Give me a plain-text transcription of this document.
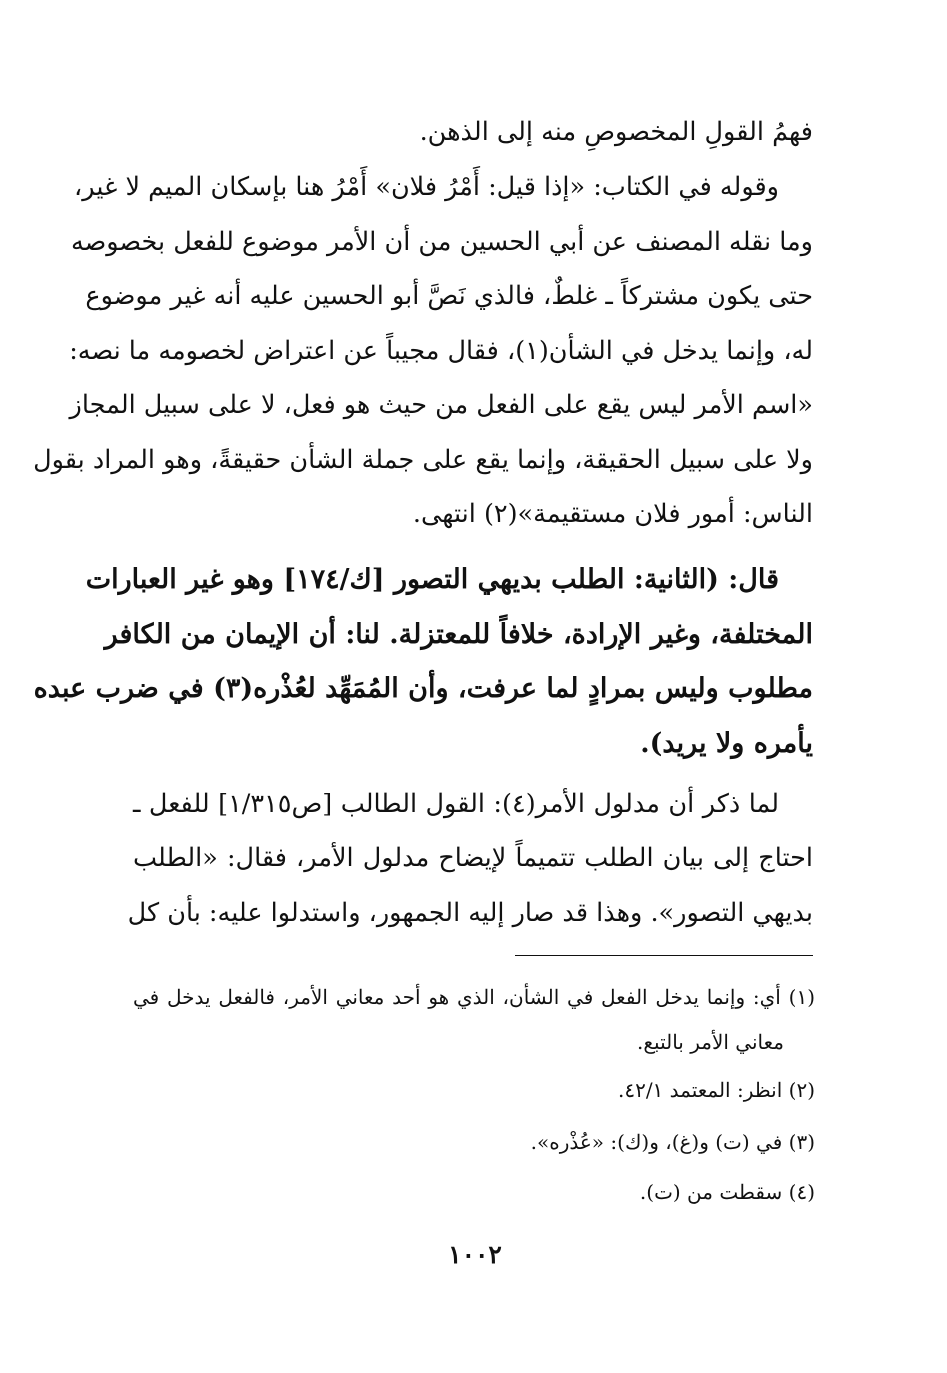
فهمُ القولِ المخصوصِ منه إلى الذهن.
وقوله في الكتاب: «إذا قيل: أَمْرُ فلان» أَمْرُ هنا بإسكان الميم لا غير،
وما نقله المصنف عن أبي الحسين من أن الأمر موضوع للفعل بخصوصه
حتى يكون مشتركاً ـ غلطٌ، فالذي نَصَّ أبو الحسين عليه أنه غير موضوع
له، وإنما يدخل في الشأن(١)، فقال مجيباً عن اعتراض لخصومه ما نصه:
«اسم الأمر ليس يقع على الفعل من حيث هو فعل، لا على سبيل المجاز
ولا على سبيل الحقيقة، وإنما يقع على جملة الشأن حقيقةً، وهو المراد بقول
الناس: أمور فلان مستقيمة»(٢) انتهى.
قال: (الثانية: الطلب بديهي التصور [ك/١٧٤] وهو غير العبارات
المختلفة، وغير الإرادة، خلافاً للمعتزلة. لنا: أن الإيمان من الكافر
مطلوب وليس بمرادٍ لما عرفت، وأن المُمَهِّد لعُذْره(٣) في ضرب عبده
يأمره ولا يريد).
لما ذكر أن مدلول الأمر(٤): القول الطالب [ص١/٣١٥] للفعل ـ
احتاج إلى بيان الطلب تتميماً لإيضاح مدلول الأمر، فقال: «الطلب
بديهي التصور». وهذا قد صار إليه الجمهور، واستدلوا عليه: بأن كل
(١) أي: وإنما يدخل الفعل في الشأن، الذي هو أحد معاني الأمر، فالفعل يدخل في
معاني الأمر بالتبع.
(٢) انظر: المعتمد ٤٢/١.
(٣) في (ت) و(غ)، و(ك): «عُذْره».
(٤) سقطت من (ت).
١٠٠٢
